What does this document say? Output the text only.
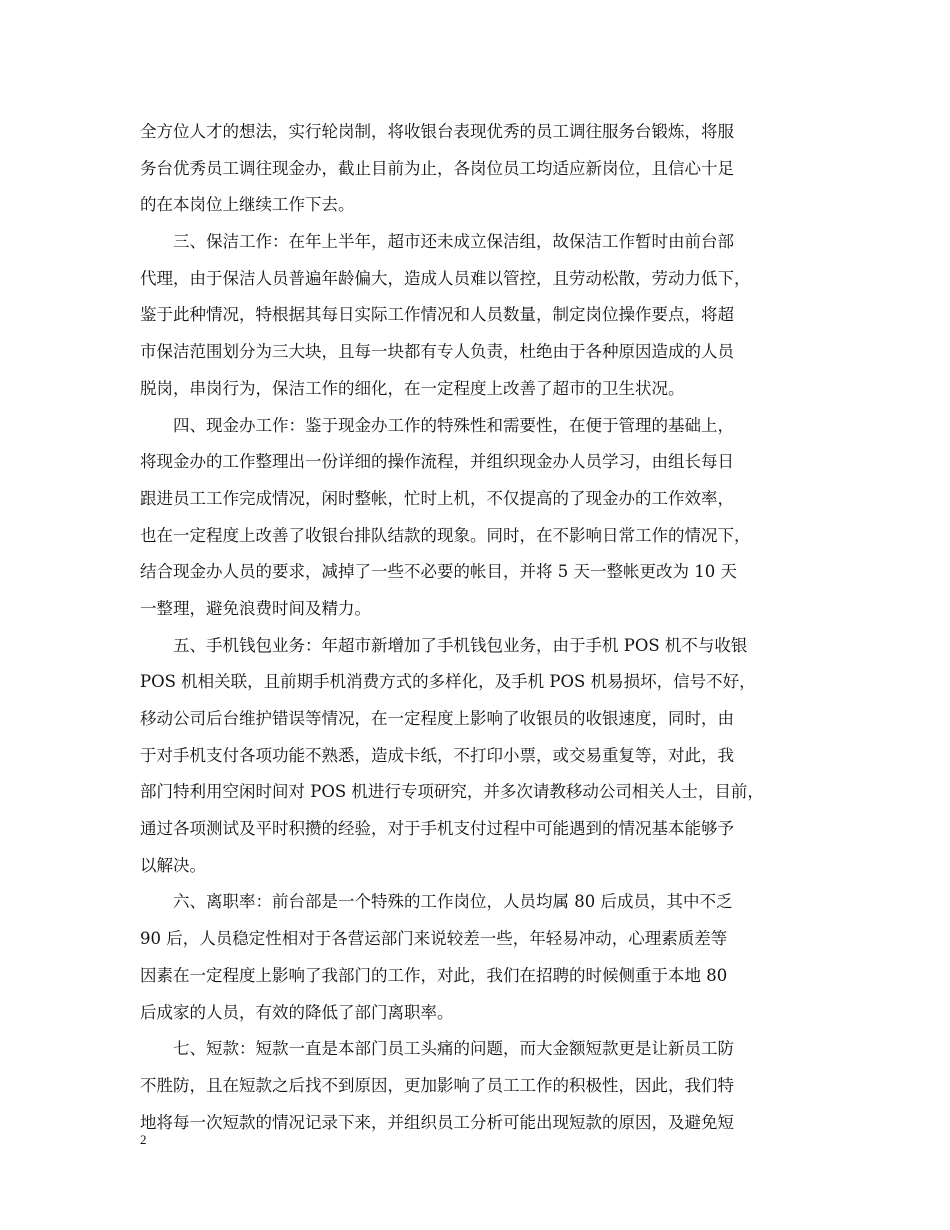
全方位人才的想法，实行轮岗制，将收银台表现优秀的员工调往服务台锻炼，将服
务台优秀员工调往现金办，截止目前为止，各岗位员工均适应新岗位，且信心十足
的在本岗位上继续工作下去。
　　三、保洁工作：在年上半年，超市还未成立保洁组，故保洁工作暂时由前台部
代理，由于保洁人员普遍年龄偏大，造成人员难以管控，且劳动松散，劳动力低下，
鉴于此种情况，特根据其每日实际工作情况和人员数量，制定岗位操作要点，将超
市保洁范围划分为三大块，且每一块都有专人负责，杜绝由于各种原因造成的人员
脱岗，串岗行为，保洁工作的细化，在一定程度上改善了超市的卫生状况。
　　四、现金办工作：鉴于现金办工作的特殊性和需要性，在便于管理的基础上，
将现金办的工作整理出一份详细的操作流程，并组织现金办人员学习，由组长每日
跟进员工工作完成情况，闲时整帐，忙时上机，不仅提高的了现金办的工作效率，
也在一定程度上改善了收银台排队结款的现象。同时，在不影响日常工作的情况下，
结合现金办人员的要求，减掉了一些不必要的帐目，并将 5 天一整帐更改为 10 天
一整理，避免浪费时间及精力。
　　五、手机钱包业务：年超市新增加了手机钱包业务，由于手机 POS 机不与收银
POS 机相关联，且前期手机消费方式的多样化，及手机 POS 机易损坏，信号不好，
移动公司后台维护错误等情况，在一定程度上影响了收银员的收银速度，同时，由
于对手机支付各项功能不熟悉，造成卡纸，不打印小票，或交易重复等，对此，我
部门特利用空闲时间对 POS 机进行专项研究，并多次请教移动公司相关人士，目前，
通过各项测试及平时积攒的经验，对于手机支付过程中可能遇到的情况基本能够予
以解决。
　　六、离职率：前台部是一个特殊的工作岗位，人员均属 80 后成员，其中不乏
90 后，人员稳定性相对于各营运部门来说较差一些，年轻易冲动，心理素质差等
因素在一定程度上影响了我部门的工作，对此，我们在招聘的时候侧重于本地 80
后成家的人员，有效的降低了部门离职率。
　　七、短款：短款一直是本部门员工头痛的问题，而大金额短款更是让新员工防
不胜防，且在短款之后找不到原因，更加影响了员工工作的积极性，因此，我们特
地将每一次短款的情况记录下来，并组织员工分析可能出现短款的原因，及避免短
2
